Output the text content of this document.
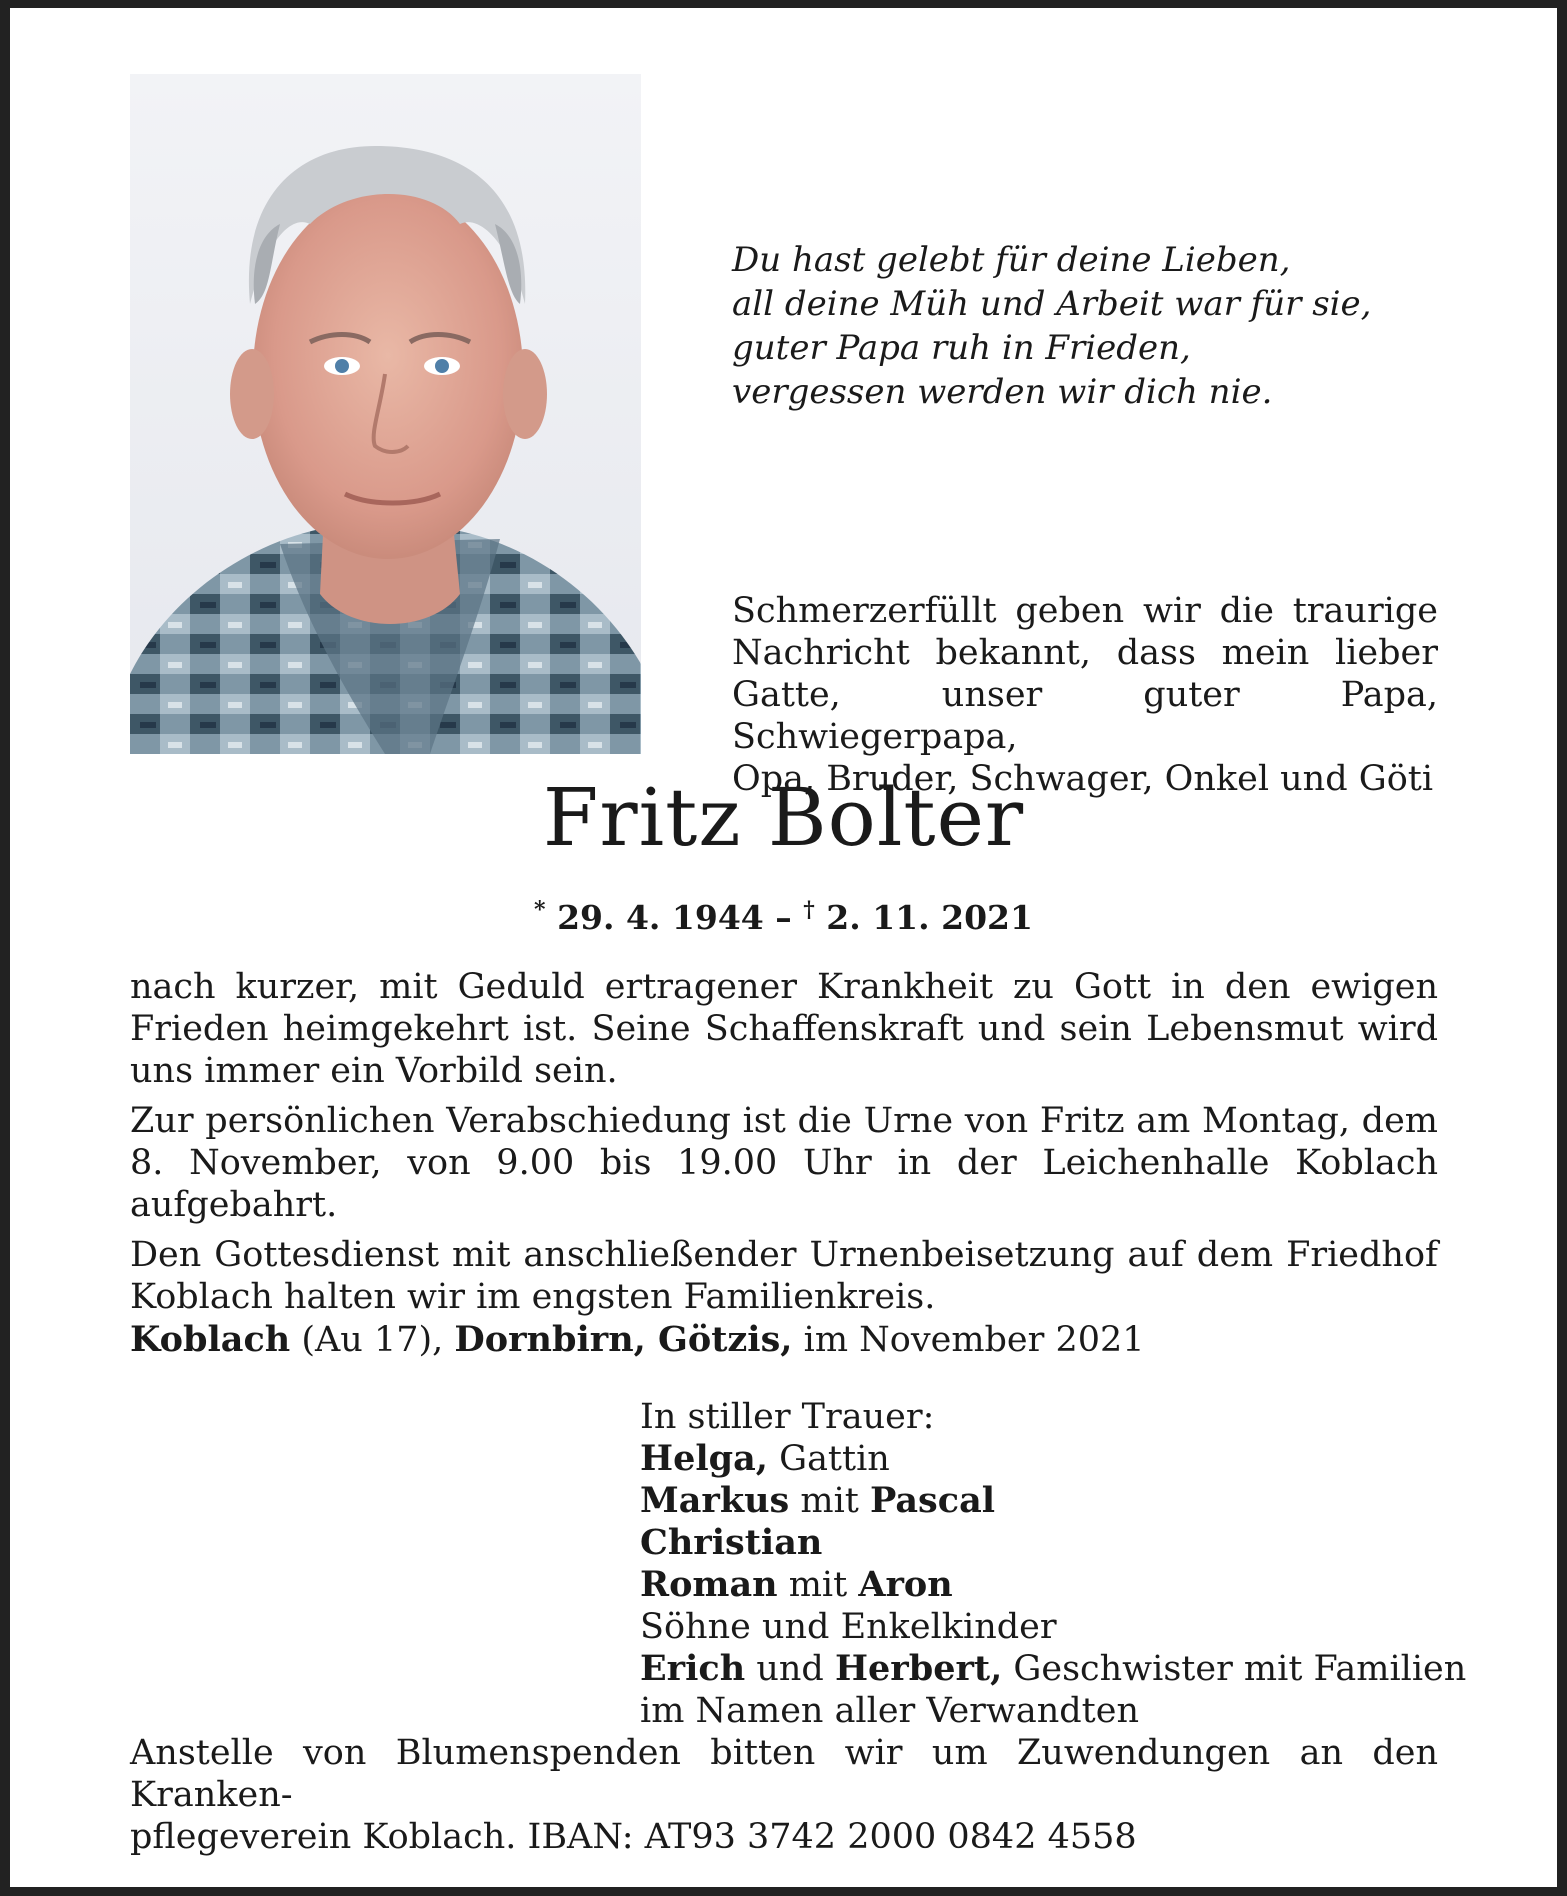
Du hast gelebt für deine Lieben,
all deine Müh und Arbeit war für sie,
guter Papa ruh in Frieden,
vergessen werden wir dich nie.
Schmerzerfüllt geben wir die traurige
Nachricht bekannt, dass mein lieber
Gatte, unser guter Papa, Schwiegerpapa,
Opa, Bruder, Schwager, Onkel und Göti
Fritz Bolter
* 29. 4. 1944 – † 2. 11. 2021

nach kurzer, mit Geduld ertragener Krankheit zu Gott in den ewigen Frieden heimgekehrt ist. Seine Schaffenskraft und sein Lebensmut wird uns immer ein Vorbild sein.

Zur persönlichen Verabschiedung ist die Urne von Fritz am Montag, dem 8. November, von 9.00 bis 19.00 Uhr in der Leichenhalle Koblach aufgebahrt.

Den Gottesdienst mit anschließender Urnenbeisetzung auf dem Friedhof Koblach halten wir im engsten Familienkreis.

Koblach (Au 17), Dornbirn, Götzis, im November 2021
In stiller Trauer:
Helga, Gattin
Markus mit Pascal
Christian
Roman mit Aron
Söhne und Enkelkinder
Erich und Herbert, Geschwister mit Familien
im Namen aller Verwandten
Anstelle von Blumenspenden bitten wir um Zuwendungen an den Kranken-
pflegeverein Koblach. IBAN: AT93 3742 2000 0842 4558
